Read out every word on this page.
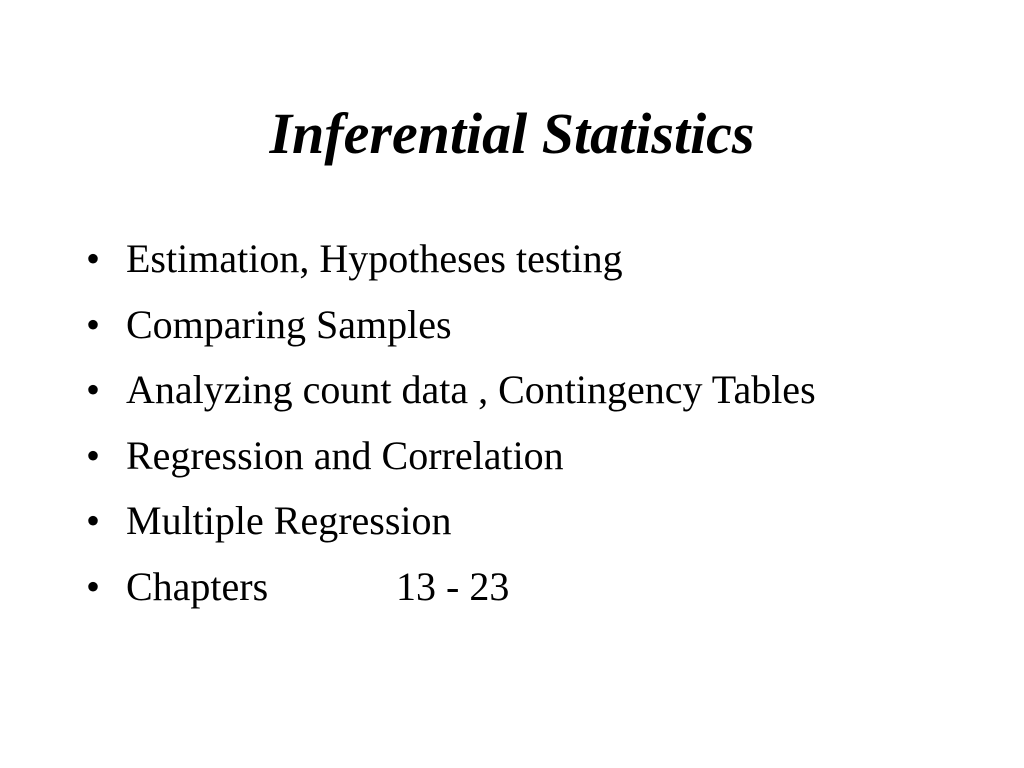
Inferential Statistics
• Estimation, Hypotheses testing
• Comparing Samples
• Analyzing count data , Contingency Tables
• Regression and Correlation
• Multiple Regression
• Chapters	13 - 23
